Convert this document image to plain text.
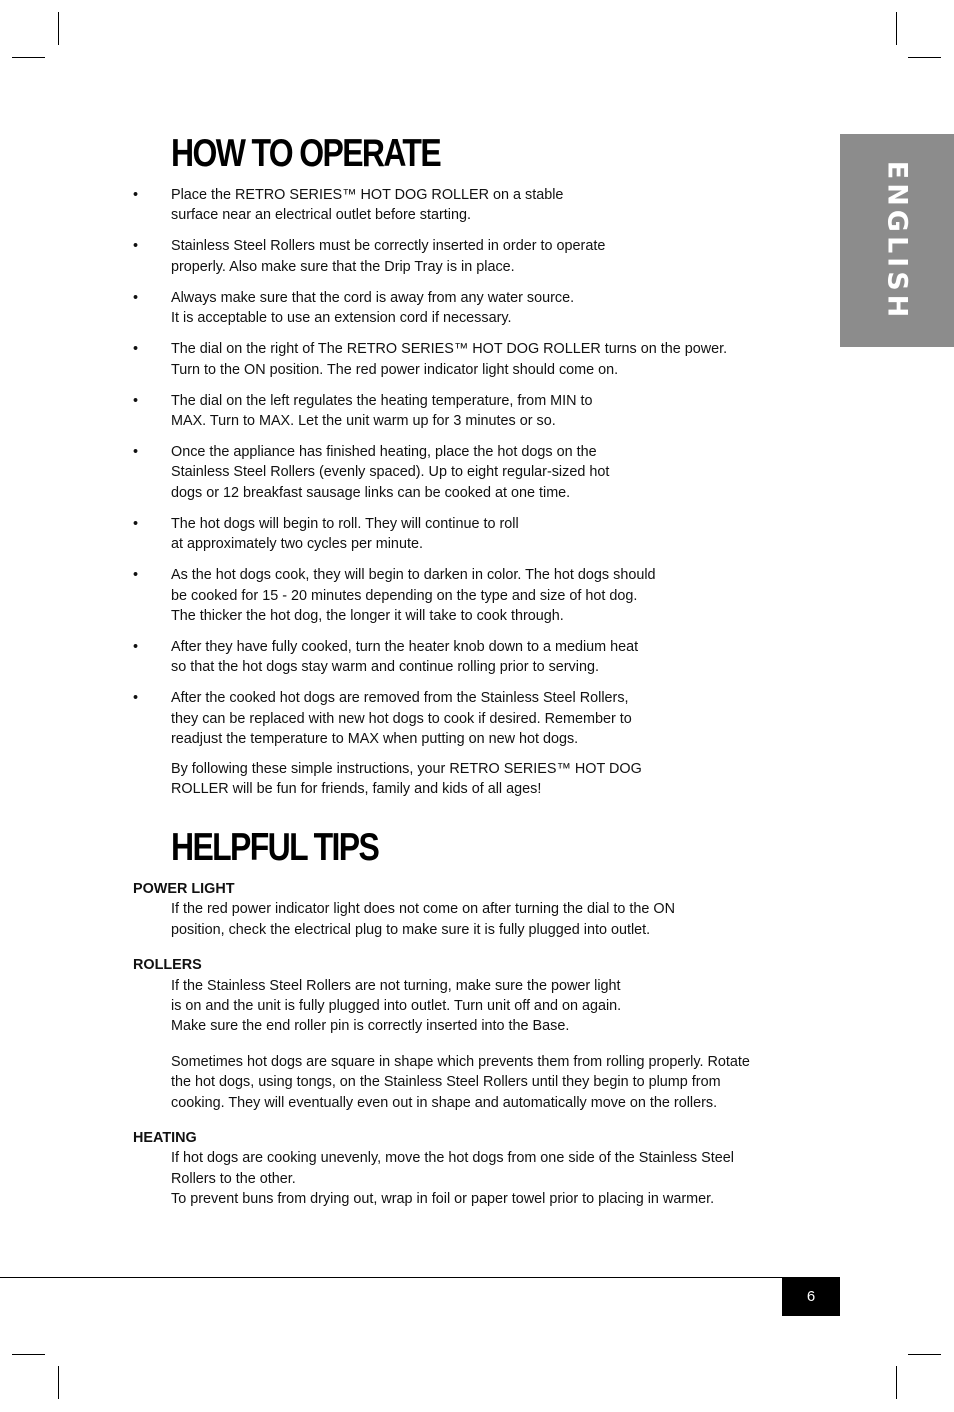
ENGLISH
HOW TO OPERATE
• Place the RETRO SERIES™ HOT DOG ROLLER on a stable
surface near an electrical outlet before starting.
• Stainless Steel Rollers must be correctly inserted in order to operate
properly. Also make sure that the Drip Tray is in place.
• Always make sure that the cord is away from any water source.
It is acceptable to use an extension cord if necessary.
• The dial on the right of The RETRO SERIES™ HOT DOG ROLLER turns on the power.
Turn to the ON position. The red power indicator light should come on.
• The dial on the left regulates the heating temperature, from MIN to
MAX. Turn to MAX. Let the unit warm up for 3 minutes or so.
• Once the appliance has finished heating, place the hot dogs on the
Stainless Steel Rollers (evenly spaced). Up to eight regular-sized hot
dogs or 12 breakfast sausage links can be cooked at one time.
• The hot dogs will begin to roll. They will continue to roll
at approximately two cycles per minute.
• As the hot dogs cook, they will begin to darken in color. The hot dogs should
be cooked for 15 - 20 minutes depending on the type and size of hot dog.
The thicker the hot dog, the longer it will take to cook through.
• After they have fully cooked, turn the heater knob down to a medium heat
so that the hot dogs stay warm and continue rolling prior to serving.
• After the cooked hot dogs are removed from the Stainless Steel Rollers,
they can be replaced with new hot dogs to cook if desired. Remember to
readjust the temperature to MAX when putting on new hot dogs.
By following these simple instructions, your RETRO SERIES™ HOT DOG
ROLLER will be fun for friends, family and kids of all ages!
HELPFUL TIPS
POWER LIGHT
If the red power indicator light does not come on after turning the dial to the ON
position, check the electrical plug to make sure it is fully plugged into outlet.
ROLLERS
If the Stainless Steel Rollers are not turning, make sure the power light
is on and the unit is fully plugged into outlet. Turn unit off and on again.
Make sure the end roller pin is correctly inserted into the Base.
Sometimes hot dogs are square in shape which prevents them from rolling properly. Rotate
the hot dogs, using tongs, on the Stainless Steel Rollers until they begin to plump from
cooking. They will eventually even out in shape and automatically move on the rollers.
HEATING
If hot dogs are cooking unevenly, move the hot dogs from one side of the Stainless Steel
Rollers to the other.
To prevent buns from drying out, wrap in foil or paper towel prior to placing in warmer.
6
